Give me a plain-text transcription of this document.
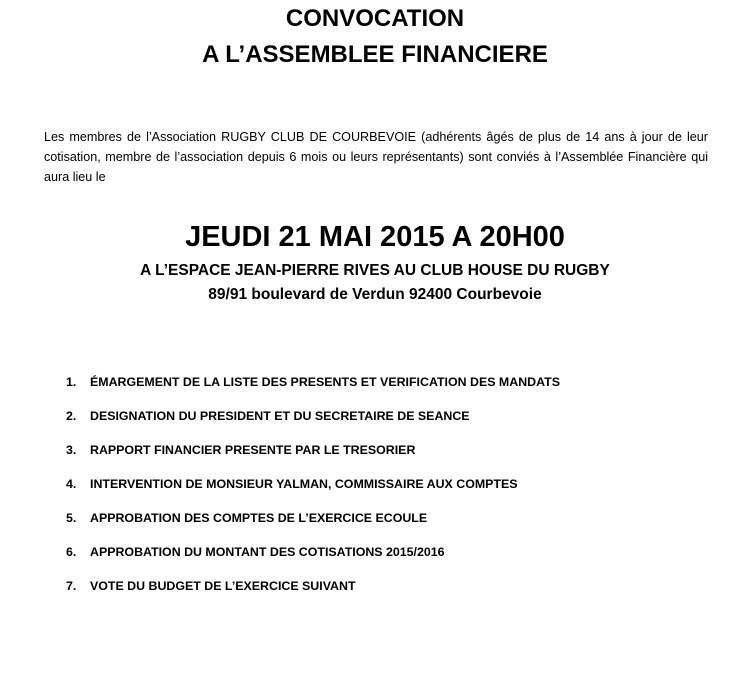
CONVOCATION
A L’ASSEMBLEE FINANCIERE
Les membres de l’Association RUGBY CLUB DE COURBEVOIE (adhérents âgés de plus de 14 ans à jour de leur cotisation, membre de l’association depuis 6 mois ou leurs représentants) sont conviés à l’Assemblée Financière qui aura lieu le
JEUDI 21 MAI 2015 A 20H00
A L’ESPACE JEAN-PIERRE RIVES AU CLUB HOUSE DU RUGBY
89/91 boulevard de Verdun 92400 Courbevoie
1. ÉMARGEMENT DE LA LISTE DES PRESENTS ET VERIFICATION DES MANDATS
2. DESIGNATION DU PRESIDENT ET DU SECRETAIRE DE SEANCE
3. RAPPORT FINANCIER PRESENTE PAR LE TRESORIER
4. INTERVENTION DE MONSIEUR YALMAN, COMMISSAIRE AUX COMPTES
5. APPROBATION DES COMPTES DE L’EXERCICE ECOULE
6. APPROBATION DU MONTANT DES COTISATIONS 2015/2016
7. VOTE DU BUDGET DE L’EXERCICE SUIVANT
